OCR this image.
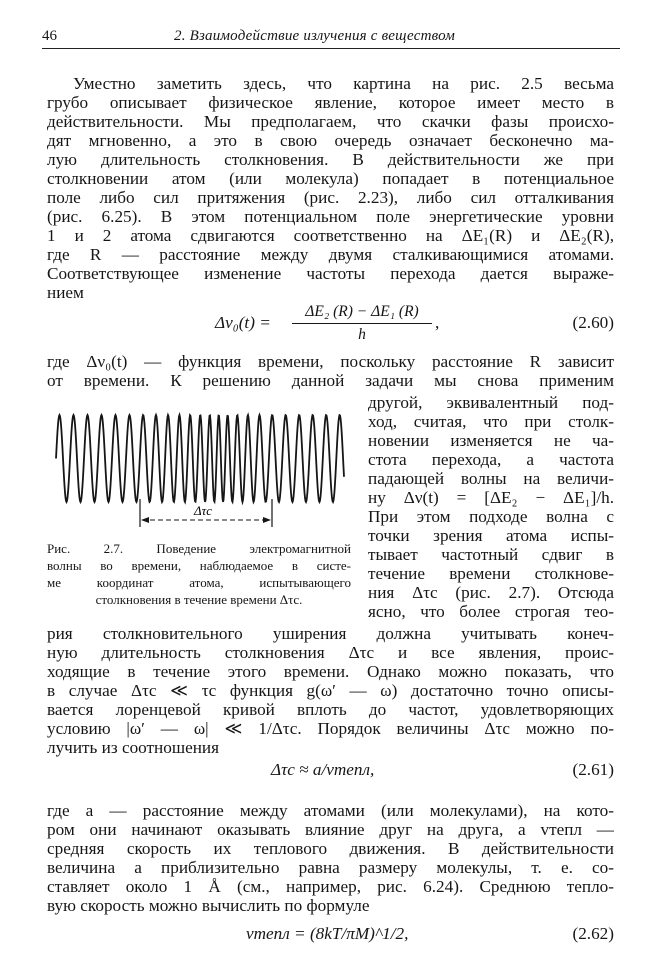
46	2. Взаимодействие излучения с веществом
Уместно заметить здесь, что картина на рис. 2.5 весьма
грубо описывает физическое явление, которое имеет место в
действительности. Мы предполагаем, что скачки фазы происхо-
дят мгновенно, а это в свою очередь означает бесконечно ма-
лую длительность столкновения. В действительности же при
столкновении атом (или молекула) попадает в потенциальное
поле либо сил притяжения (рис. 2.23), либо сил отталкивания
(рис. 6.25). В этом потенциальном поле энергетические уровни
1 и 2 атома сдвигаются соответственно на ΔE₁(R) и ΔE₂(R),
где R — расстояние между двумя сталкивающимися атомами.
Соответствующее изменение частоты перехода дается выраже-
нием
$\Delta\nu_0(t) = \frac{\text{ΔE₂ (R) − ΔE₁ (R)}}{h}$ ,	(2.60)
где Δν₀(t) — функция времени, поскольку расстояние R зависит
от времени. К решению данной задачи мы снова применим
другой, эквивалентный под-
ход, считая, что при столк-
новении изменяется не ча-
стота перехода, а частота
падающей волны на величи-
ну Δν(t) = [ΔE₂ − ΔE₁]/h.
При этом подходе волна с
точки зрения атома испы-
тывает частотный сдвиг в
течение времени столкнове-
ния Δτc (рис. 2.7). Отсюда
ясно, что более строгая тео-
Δτc
Рис. 2.7. Поведение электромагнитной
волны во времени, наблюдаемое в систе-
ме координат атома, испытывающего
столкновения в течение времени Δτc.
рия столкновительного уширения должна учитывать конеч-
ную длительность столкновения Δτc и все явления, проис-
ходящие в течение этого времени. Однако можно показать, что
в случае Δτc ≪ τc функция g(ω′ — ω) достаточно точно описы-
вается лоренцевой кривой вплоть до частот, удовлетворяющих
условию |ω′ — ω| ≪ 1/Δτc. Порядок величины Δτc можно по-
лучить из соотношения
Δτc ≈ a/vтепл,	(2.61)
где a — расстояние между атомами (или молекулами), на кото-
ром они начинают оказывать влияние друг на друга, а vтепл —
средняя скорость их теплового движения. В действительности
величина a приблизительно равна размеру молекулы, т. е. со-
ставляет около 1 Å (см., например, рис. 6.24). Среднюю тепло-
вую скорость можно вычислить по формуле
vтепл = (8kT/πM)^1/2,	(2.62)
